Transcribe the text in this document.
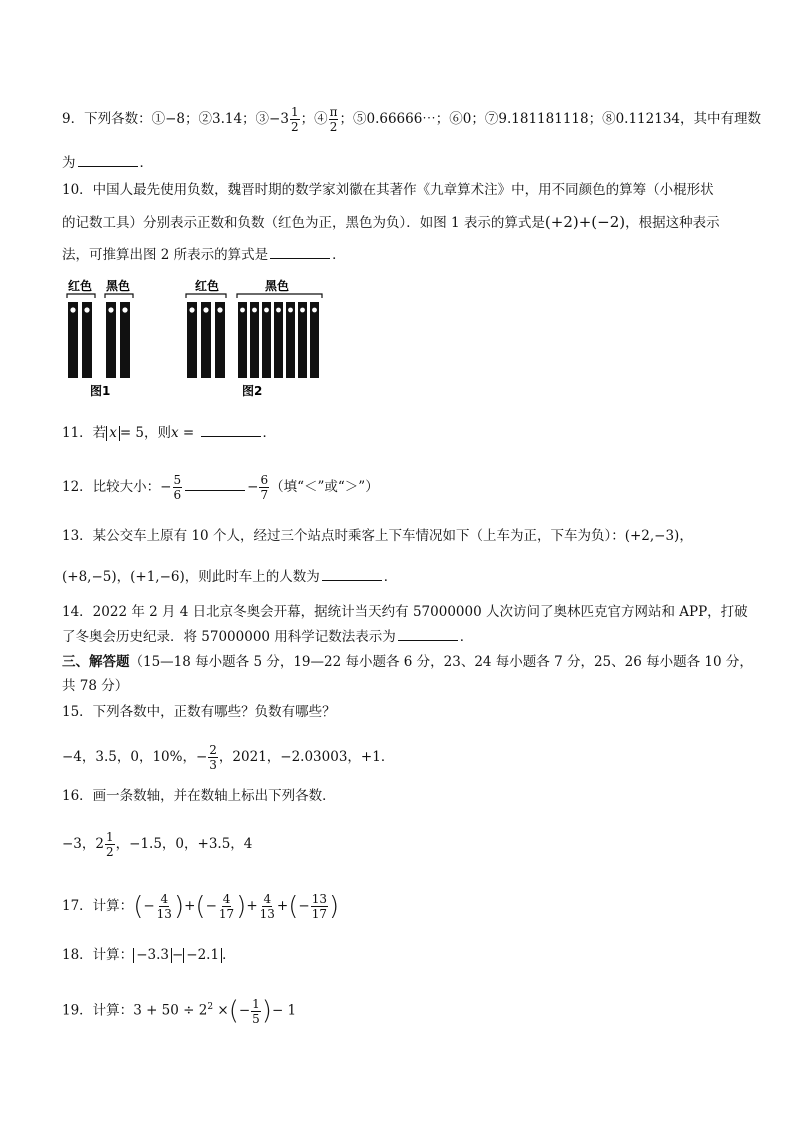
9．下列各数：①−8；②3.14；③−3 $\frac{1}{2}$ ；④ $\frac{\pi}{2}$ ；⑤0.66666⋯；⑥0；⑦9.181181118；⑧0.112134，其中有理数
为	．
10．中国人最先使用负数，魏晋时期的数学家刘徽在其著作《九章算术注》中，用不同颜色的算筹（小棍形状
的记数工具）分别表示正数和负数（红色为正，黑色为负）．如图 1 表示的算式是(+2)+(−2)，根据这种表示
法，可推算出图 2 所表示的算式是	．
红色 黑色
图1
红色	黑色
图2
11．若 x = 5，则x =	．
12．比较大小：− $\frac{5}{6}$	− $\frac{6}{7}$ （填“＜”或“＞”）
13．某公交车上原有 10 个人，经过三个站点时乘客上下车情况如下（上车为正，下车为负）：(+2,−3)，
(+8,−5)，(+1,−6)，则此时车上的人数为	．
14．2022 年 2 月 4 日北京冬奥会开幕，据统计当天约有 57000000 人次访问了奥林匹克官方网站和 APP，打破
了冬奥会历史纪录．将 57000000 用科学记数法表示为	．
三、解答题（15—18 每小题各 5 分，19—22 每小题各 6 分，23、24 每小题各 7 分，25、26 每小题各 10 分，
共 78 分）
15．下列各数中，正数有哪些？负数有哪些？
−4，3.5，0，10%，− $\frac{2}{3}$ ，2021，−2.03003，+1．
16．画一条数轴，并在数轴上标出下列各数．
−3，$2 \frac{1}{2}$ ，−1.5，0，+3.5，4
17．计算：(− $\frac{4}{13}$ )+(− $\frac{4}{17}$ )+ $\frac{4}{13}$ +(− $\frac{13}{17}$ )
18．计算： −3.3 − −2.1 ．
19．计算：$3 + 50 \div 2^2$ ×(− $\frac{1}{5}$ )− 1
